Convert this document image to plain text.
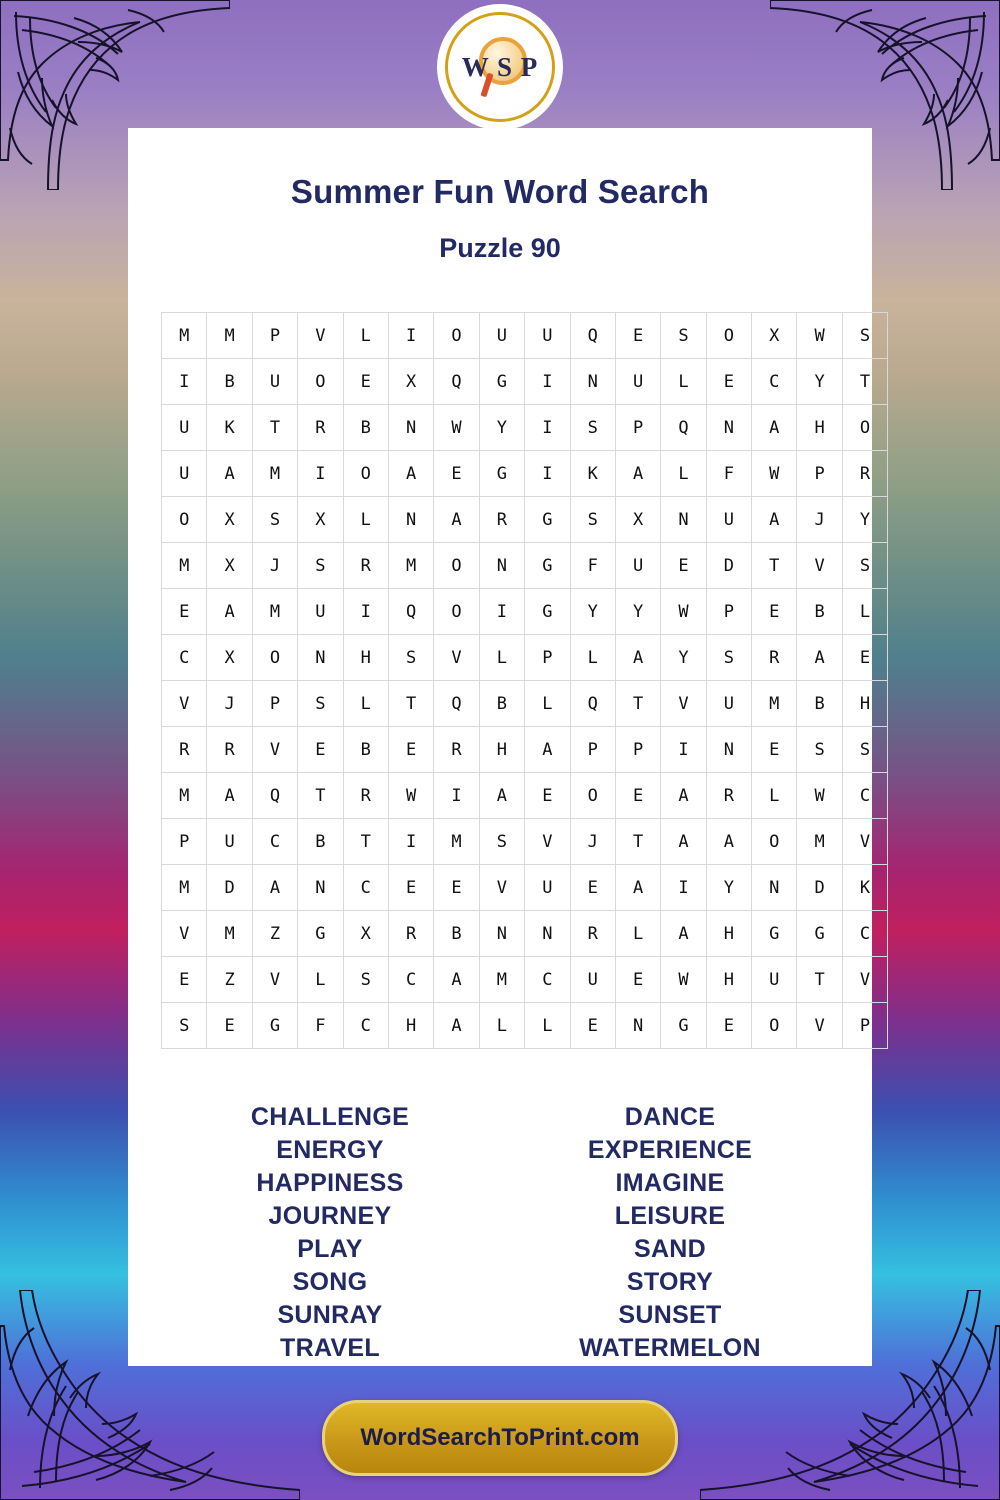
W S P
Summer Fun Word Search
Puzzle 90
M	M	P	V	L	I	O	U	U	Q	E	S	O	X	W	S
I	B	U	O	E	X	Q	G	I	N	U	L	E	C	Y	T
U	K	T	R	B	N	W	Y	I	S	P	Q	N	A	H	O
U	A	M	I	O	A	E	G	I	K	A	L	F	W	P	R
O	X	S	X	L	N	A	R	G	S	X	N	U	A	J	Y
M	X	J	S	R	M	O	N	G	F	U	E	D	T	V	S
E	A	M	U	I	Q	O	I	G	Y	Y	W	P	E	B	L
C	X	O	N	H	S	V	L	P	L	A	Y	S	R	A	E
V	J	P	S	L	T	Q	B	L	Q	T	V	U	M	B	H
R	R	V	E	B	E	R	H	A	P	P	I	N	E	S	S
M	A	Q	T	R	W	I	A	E	O	E	A	R	L	W	C
P	U	C	B	T	I	M	S	V	J	T	A	A	O	M	V
M	D	A	N	C	E	E	V	U	E	A	I	Y	N	D	K
V	M	Z	G	X	R	B	N	N	R	L	A	H	G	G	C
E	Z	V	L	S	C	A	M	C	U	E	W	H	U	T	V
S	E	G	F	C	H	A	L	L	E	N	G	E	O	V	P
CHALLENGE
ENERGY
HAPPINESS
JOURNEY
PLAY
SONG
SUNRAY
TRAVEL
DANCE
EXPERIENCE
IMAGINE
LEISURE
SAND
STORY
SUNSET
WATERMELON
WordSearchToPrint.com
